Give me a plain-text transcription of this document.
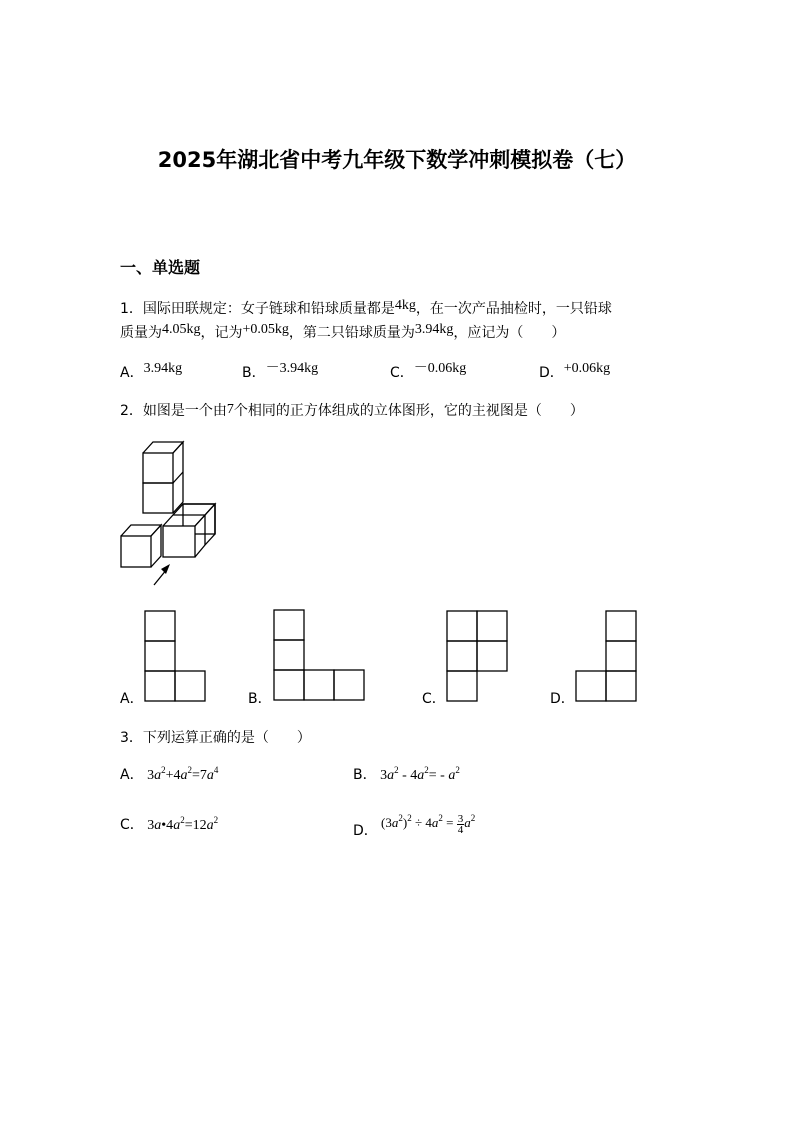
2025年湖北省中考九年级下数学冲刺模拟卷（七）
一、单选题
1．国际田联规定：女子链球和铅球质量都是4kg，在一次产品抽检时，一只铅球
质量为4.05kg，记为+0.05kg，第二只铅球质量为3.94kg，应记为（　　）
A．3.94kg	B．－3.94kg	C．－0.06kg	D．+0.06kg
2．如图是一个由7个相同的正方体组成的立体图形，它的主视图是（　　）
A．	B．	C．	D．
3．下列运算正确的是（　　）
A． $3a^2+4a^2=7a^4$	B． $3a^2 - 4a^2= - a^2$
C． $3a•4a^2=12a^2$
D． $(3a^2)^2 \div 4a^2 = \frac{3}{4} a^2$
